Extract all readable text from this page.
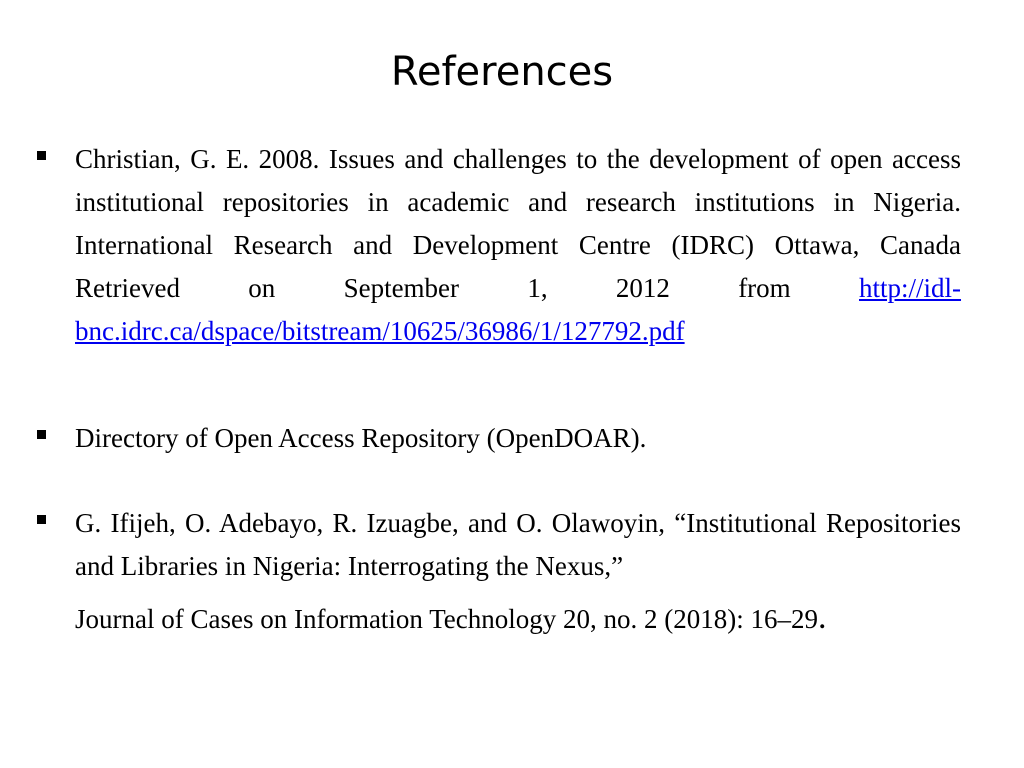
References

Christian, G. E. 2008. Issues and challenges to the development of open access institutional repositories in academic and research institutions in Nigeria. International Research and Development Centre (IDRC) Ottawa, Canada Retrieved on September 1, 2012 from	http://idl-bnc.idrc.ca/dspace/bitstream/10625/36986/1/127792.pdf

Directory of Open Access Repository (OpenDOAR).

G. Ifijeh, O. Adebayo, R. Izuagbe, and O. Olawoyin, “Institutional Repositories and Libraries in Nigeria: Interrogating the Nexus,”
Journal of Cases on Information Technology 20, no. 2 (2018): 16–29.
